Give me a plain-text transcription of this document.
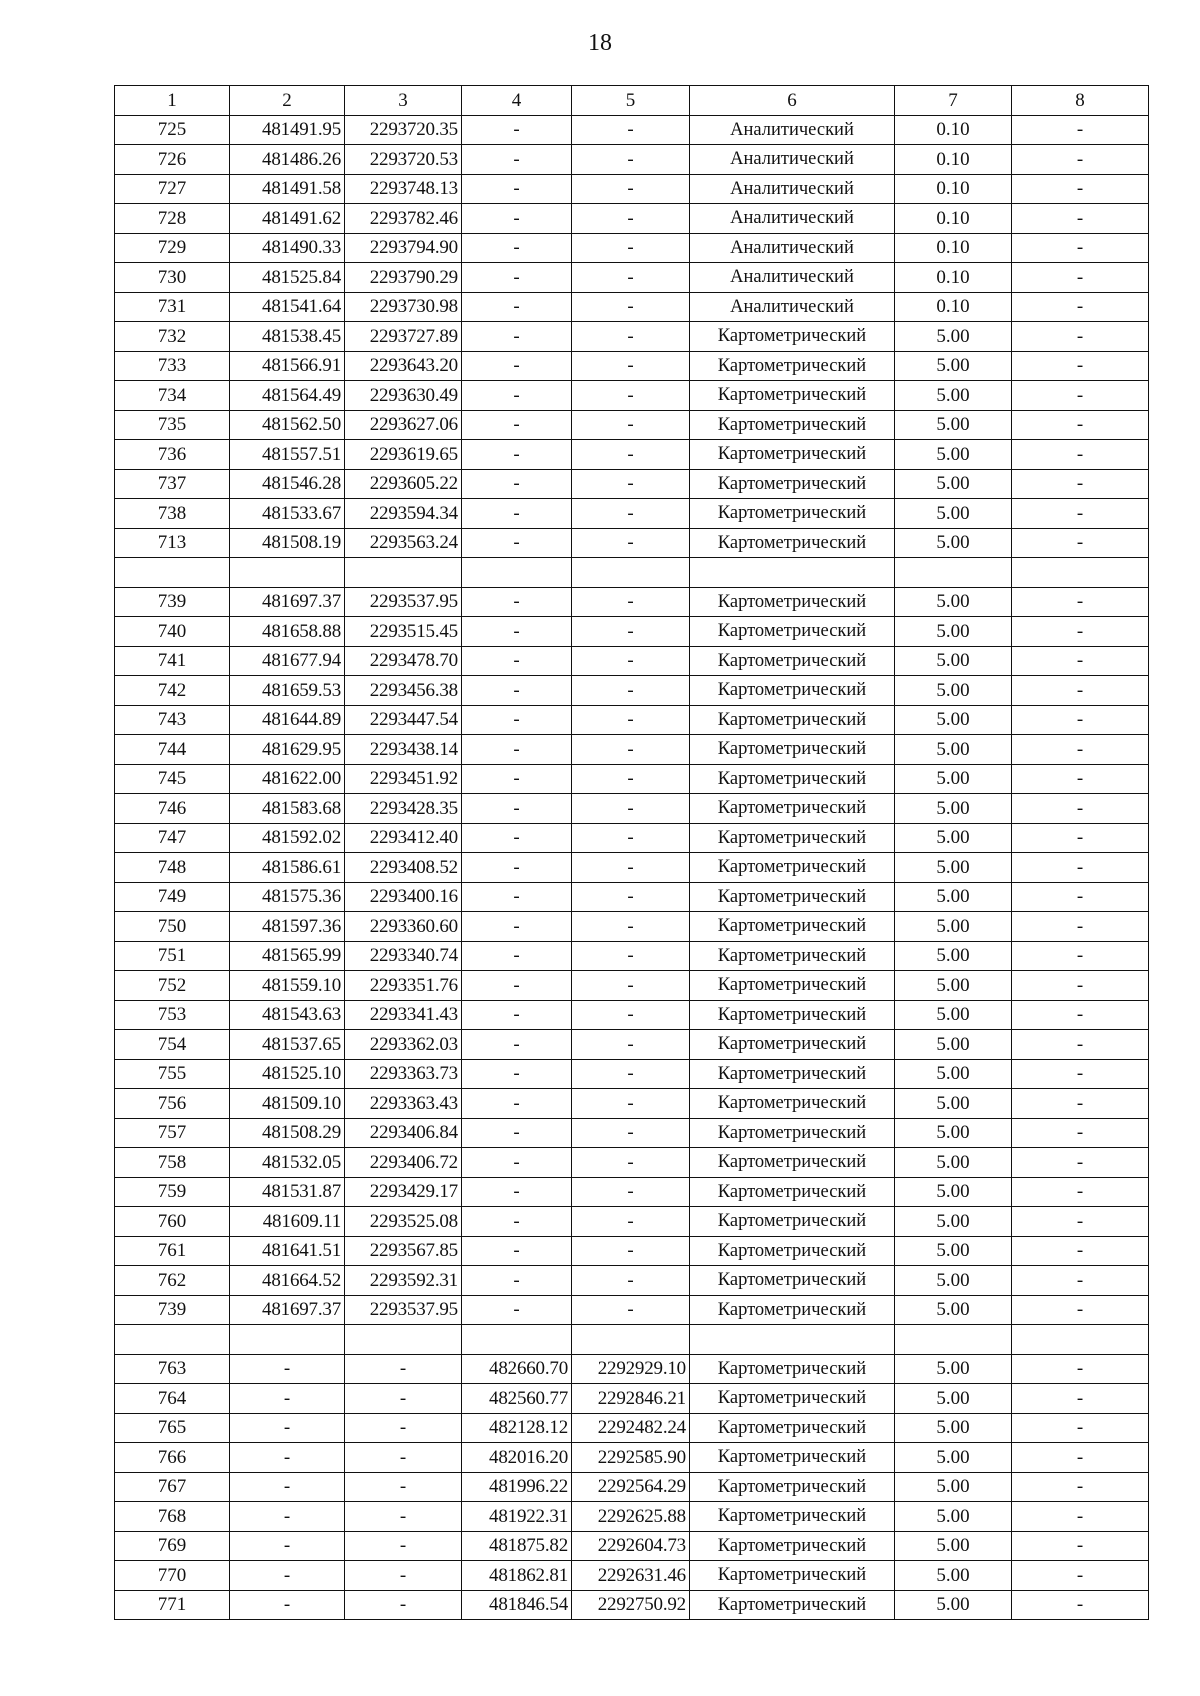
18
1	2	3	4	5	6	7	8
725	481491.95	2293720.35	-	-	Аналитический	0.10	-
726	481486.26	2293720.53	-	-	Аналитический	0.10	-
727	481491.58	2293748.13	-	-	Аналитический	0.10	-
728	481491.62	2293782.46	-	-	Аналитический	0.10	-
729	481490.33	2293794.90	-	-	Аналитический	0.10	-
730	481525.84	2293790.29	-	-	Аналитический	0.10	-
731	481541.64	2293730.98	-	-	Аналитический	0.10	-
732	481538.45	2293727.89	-	-	Картометрический	5.00	-
733	481566.91	2293643.20	-	-	Картометрический	5.00	-
734	481564.49	2293630.49	-	-	Картометрический	5.00	-
735	481562.50	2293627.06	-	-	Картометрический	5.00	-
736	481557.51	2293619.65	-	-	Картометрический	5.00	-
737	481546.28	2293605.22	-	-	Картометрический	5.00	-
738	481533.67	2293594.34	-	-	Картометрический	5.00	-
713	481508.19	2293563.24	-	-	Картометрический	5.00	-

739	481697.37	2293537.95	-	-	Картометрический	5.00	-
740	481658.88	2293515.45	-	-	Картометрический	5.00	-
741	481677.94	2293478.70	-	-	Картометрический	5.00	-
742	481659.53	2293456.38	-	-	Картометрический	5.00	-
743	481644.89	2293447.54	-	-	Картометрический	5.00	-
744	481629.95	2293438.14	-	-	Картометрический	5.00	-
745	481622.00	2293451.92	-	-	Картометрический	5.00	-
746	481583.68	2293428.35	-	-	Картометрический	5.00	-
747	481592.02	2293412.40	-	-	Картометрический	5.00	-
748	481586.61	2293408.52	-	-	Картометрический	5.00	-
749	481575.36	2293400.16	-	-	Картометрический	5.00	-
750	481597.36	2293360.60	-	-	Картометрический	5.00	-
751	481565.99	2293340.74	-	-	Картометрический	5.00	-
752	481559.10	2293351.76	-	-	Картометрический	5.00	-
753	481543.63	2293341.43	-	-	Картометрический	5.00	-
754	481537.65	2293362.03	-	-	Картометрический	5.00	-
755	481525.10	2293363.73	-	-	Картометрический	5.00	-
756	481509.10	2293363.43	-	-	Картометрический	5.00	-
757	481508.29	2293406.84	-	-	Картометрический	5.00	-
758	481532.05	2293406.72	-	-	Картометрический	5.00	-
759	481531.87	2293429.17	-	-	Картометрический	5.00	-
760	481609.11	2293525.08	-	-	Картометрический	5.00	-
761	481641.51	2293567.85	-	-	Картометрический	5.00	-
762	481664.52	2293592.31	-	-	Картометрический	5.00	-
739	481697.37	2293537.95	-	-	Картометрический	5.00	-

763	-	-	482660.70	2292929.10	Картометрический	5.00	-
764	-	-	482560.77	2292846.21	Картометрический	5.00	-
765	-	-	482128.12	2292482.24	Картометрический	5.00	-
766	-	-	482016.20	2292585.90	Картометрический	5.00	-
767	-	-	481996.22	2292564.29	Картометрический	5.00	-
768	-	-	481922.31	2292625.88	Картометрический	5.00	-
769	-	-	481875.82	2292604.73	Картометрический	5.00	-
770	-	-	481862.81	2292631.46	Картометрический	5.00	-
771	-	-	481846.54	2292750.92	Картометрический	5.00	-
